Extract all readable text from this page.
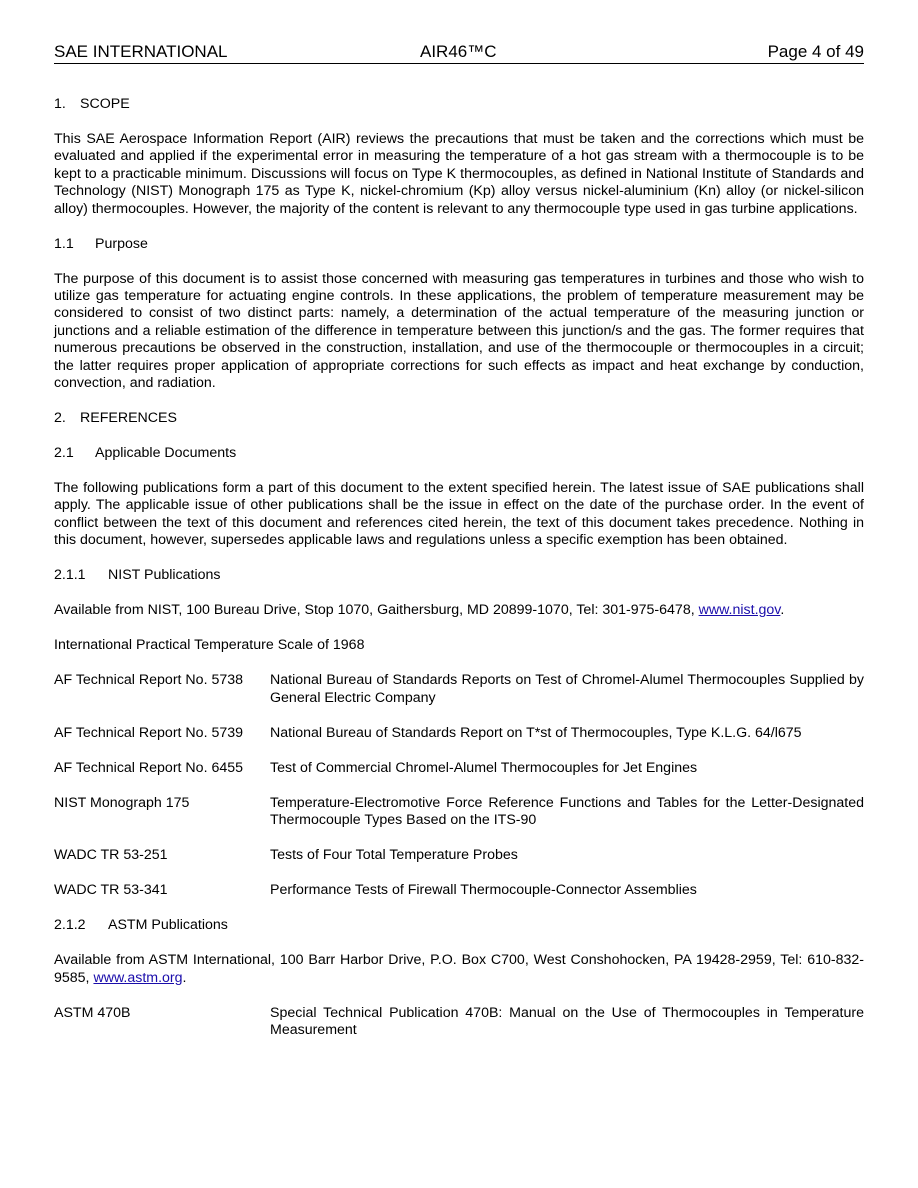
SAE INTERNATIONAL	AIR46™C	Page 4 of 49
1. SCOPE

This SAE Aerospace Information Report (AIR) reviews the precautions that must be taken and the corrections which must be evaluated and applied if the experimental error in measuring the temperature of a hot gas stream with a thermocouple is to be kept to a practicable minimum. Discussions will focus on Type K thermocouples, as defined in National Institute of Standards and Technology (NIST) Monograph 175 as Type K, nickel-chromium (Kp) alloy versus nickel-aluminium (Kn) alloy (or nickel-silicon alloy) thermocouples. However, the majority of the content is relevant to any thermocouple type used in gas turbine applications.

1.1 Purpose

The purpose of this document is to assist those concerned with measuring gas temperatures in turbines and those who wish to utilize gas temperature for actuating engine controls. In these applications, the problem of temperature measurement may be considered to consist of two distinct parts: namely, a determination of the actual temperature of the measuring junction or junctions and a reliable estimation of the difference in temperature between this junction/s and the gas. The former requires that numerous precautions be observed in the construction, installation, and use of the thermocouple or thermocouples in a circuit; the latter requires proper application of appropriate corrections for such effects as impact and heat exchange by conduction, convection, and radiation.

2. REFERENCES
2.1 Applicable Documents

The following publications form a part of this document to the extent specified herein. The latest issue of SAE publications shall apply. The applicable issue of other publications shall be the issue in effect on the date of the purchase order. In the event of conflict between the text of this document and references cited herein, the text of this document takes precedence. Nothing in this document, however, supersedes applicable laws and regulations unless a specific exemption has been obtained.

2.1.1 NIST Publications

Available from NIST, 100 Bureau Drive, Stop 1070, Gaithersburg, MD 20899-1070, Tel: 301-975-6478, www.nist.gov.

International Practical Temperature Scale of 1968

AF Technical Report No. 5738	National Bureau of Standards Reports on Test of Chromel-Alumel Thermocouples Supplied by General Electric Company
AF Technical Report No. 5739	National Bureau of Standards Report on T*st of Thermocouples, Type K.L.G. 64/l675
AF Technical Report No. 6455	Test of Commercial Chromel-Alumel Thermocouples for Jet Engines
NIST Monograph 175	Temperature-Electromotive Force Reference Functions and Tables for the Letter-Designated Thermocouple Types Based on the ITS-90
WADC TR 53-251	Tests of Four Total Temperature Probes
WADC TR 53-341	Performance Tests of Firewall Thermocouple-Connector Assemblies
2.1.2 ASTM Publications

Available from ASTM International, 100 Barr Harbor Drive, P.O. Box C700, West Conshohocken, PA 19428-2959, Tel: 610-832-9585, www.astm.org.

ASTM 470B	Special Technical Publication 470B: Manual on the Use of Thermocouples in Temperature Measurement
